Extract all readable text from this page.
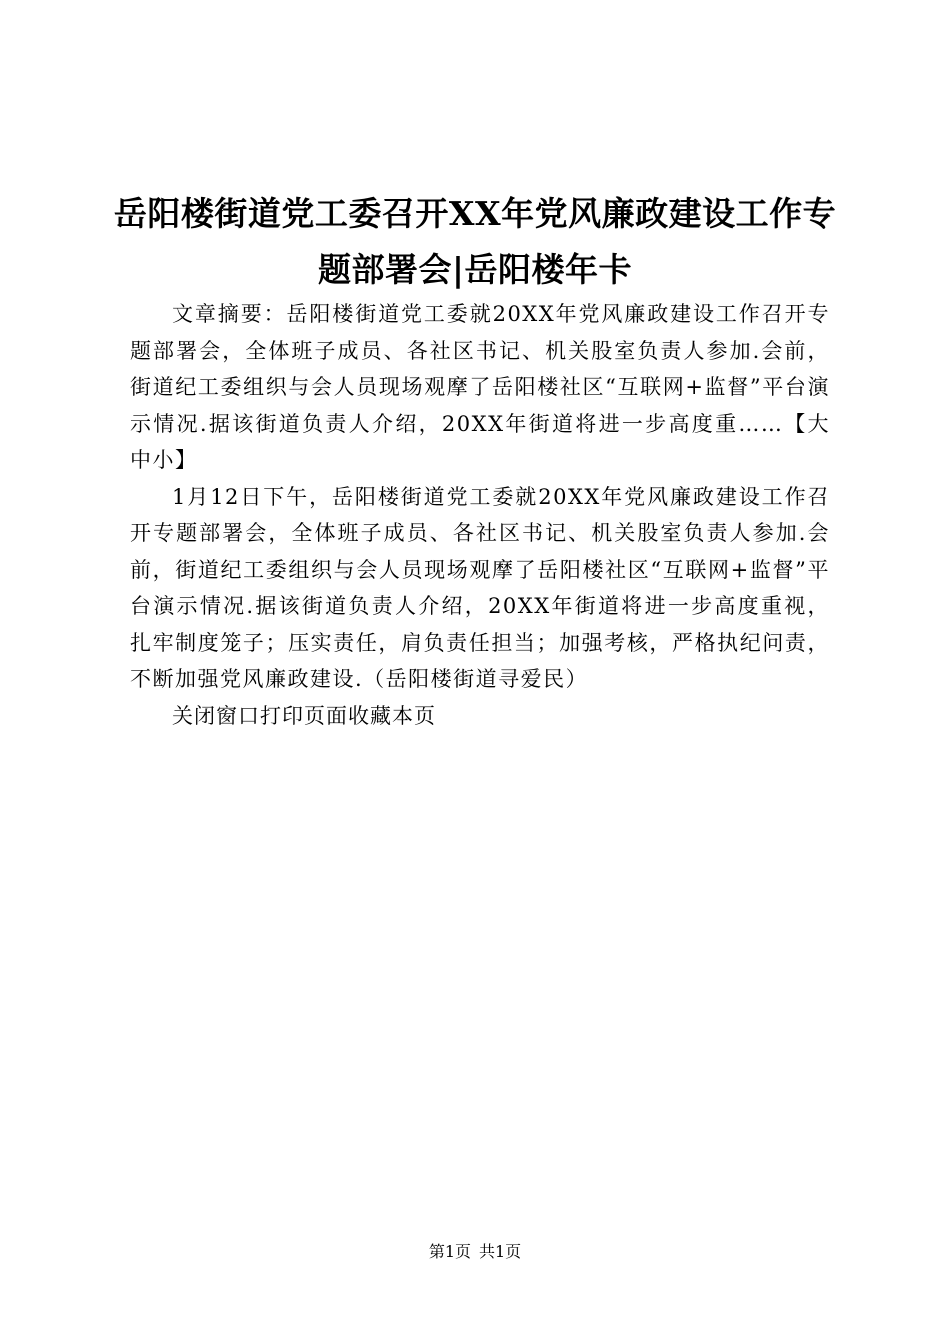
岳阳楼街道党工委召开XX年党风廉政建设工作专题部署会|岳阳楼年卡

文章摘要：岳阳楼街道党工委就20XX年党风廉政建设工作召开专题部署会，全体班子成员、各社区书记、机关股室负责人参加.会前，街道纪工委组织与会人员现场观摩了岳阳楼社区“互联网+监督”平台演示情况.据该街道负责人介绍，20XX年街道将进一步高度重……【大中小】

1月12日下午，岳阳楼街道党工委就20XX年党风廉政建设工作召开专题部署会，全体班子成员、各社区书记、机关股室负责人参加.会前，街道纪工委组织与会人员现场观摩了岳阳楼社区“互联网+监督”平台演示情况.据该街道负责人介绍，20XX年街道将进一步高度重视，扎牢制度笼子；压实责任，肩负责任担当；加强考核，严格执纪问责，不断加强党风廉政建设.（岳阳楼街道寻爱民）

关闭窗口打印页面收藏本页

第1页 共1页
